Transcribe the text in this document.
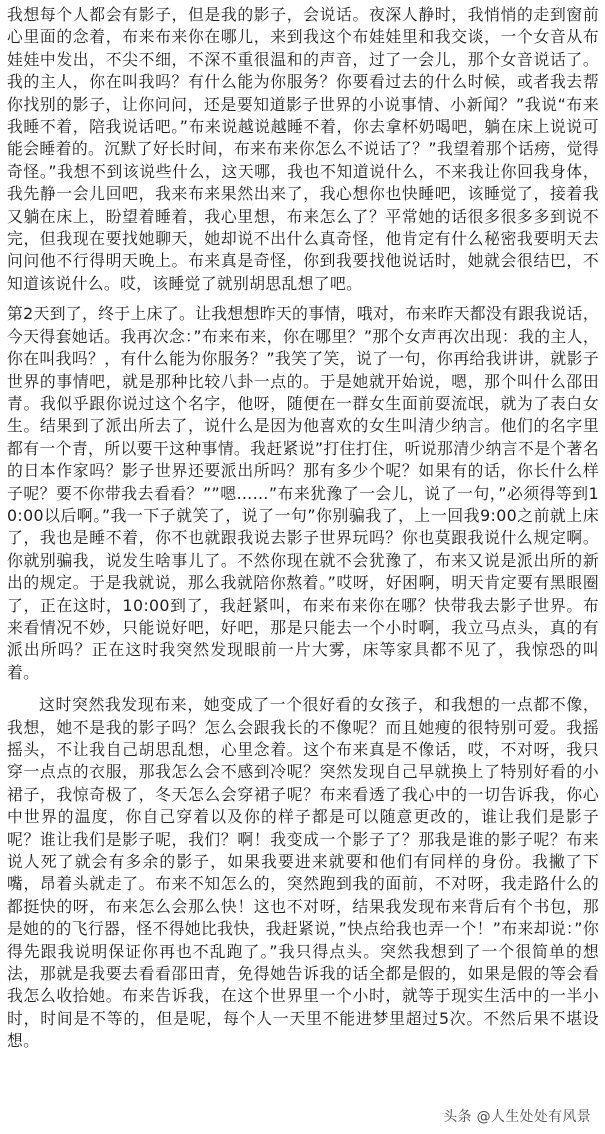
我想每个人都会有影子，但是我的影子，会说话。夜深人静时，我悄悄的走到窗前心里面的念着，布来布来你在哪儿，来到我这个布娃娃里和我交谈，一个女音从布娃娃中发出，不尖不细，不深不重很温和的声音，过了一会儿，那个女音说话了。我的主人，你在叫我吗？有什么能为你服务？你要看过去的什么时候，或者我去帮你找别的影子，让你问问，还是要知道影子世界的小说事情、小新闻？”我说“布来我睡不着，陪我说话吧。”布来说越说越睡不着，你去拿杯奶喝吧，躺在床上说说可能会睡着的。沉默了好长时间，布来布来你怎么不说话了？”我望着那个话痨，觉得奇怪。”我想不到该说些什么，这天哪，我也不知道说什么，不来我让你回我身体，我先静一会儿回吧，我来布来果然出来了，我心想你也快睡吧，该睡觉了，接着我又躺在床上，盼望着睡着，我心里想，布来怎么了？平常她的话很多很多多到说不完，但我现在要找她聊天，她却说不出什么真奇怪，他肯定有什么秘密我要明天去问问他不行得明天晚上。布来真是奇怪，你到我要找他说话时，她就会很结巴，不知道该说什么。哎，该睡觉了就别胡思乱想了吧。

第2天到了，终于上床了。让我想想昨天的事情，哦对，布来昨天都没有跟我说话，今天得套她话。我再次念：”布来布来，你在哪里？”那个女声再次出现：我的主人，你在叫我吗？，有什么能为你服务？”我笑了笑，说了一句，你再给我讲讲，就影子世界的事情吧，就是那种比较八卦一点的。于是她就开始说，嗯，那个叫什么邵田青。我似乎跟你说过这个名字，他呀，随便在一群女生面前耍流氓，就为了表白女生。结果到了派出所去了，说什么是因为他喜欢的女生叫清少纳言。他们的名字里都有一个青，所以要干这种事情。我赶紧说”打住打住，听说那清少纳言不是个著名的日本作家吗？影子世界还要派出所吗？那有多少个呢？如果有的话，你长什么样子呢？要不你带我去看看？””嗯……”布来犹豫了一会儿，说了一句，”必须得等到10:00以后啊。”我一下子就笑了，说了一句”你别骗我了，上一回我9:00之前就上床了，我也是睡不着，你不也就跟我说去影子世界玩吗？你也莫跟我说什么规定啊。你就别骗我，说发生啥事儿了。不然你现在就不会犹豫了，布来又说是派出所的新出的规定。于是我就说，那么我就陪你熬着。”哎呀，好困啊，明天肯定要有黑眼圈了，正在这时，10:00到了，我赶紧叫，布来布来你在哪？快带我去影子世界。布来看情况不妙，只能说好吧，好吧，那是只能去一个小时啊，我立马点头，真的有派出所吗？正在这时我突然发现眼前一片大雾，床等家具都不见了，我惊恐的叫着。

这时突然我发现布来，她变成了一个很好看的女孩子，和我想的一点都不像，我想，她不是我的影子吗？怎么会跟我长的不像呢？而且她瘦的很特别可爱。我摇摇头，不让我自己胡思乱想，心里念着。这个布来真是不像话，哎，不对呀，我只穿一点点的衣服，那我怎么会不感到冷呢？突然发现自己早就换上了特别好看的小裙子，我惊奇极了，冬天怎么会穿裙子呢？布来看透了我心中的一切告诉我，你心中世界的温度，你自己穿着以及你的样子都是可以随意更改的，谁让我们是影子呢？谁让我们是影子呢，我们？啊！我变成一个影子了？那我是谁的影子呢？布来说人死了就会有多余的影子，如果我要进来就要和他们有同样的身份。我撇了下嘴，昂着头就走了。布来不知怎么的，突然跑到我的面前，不对呀，我走路什么的都挺快的呀，布来怎么会那么快！这也不对呀，结果我发现布来背后有个书包，那是她的的飞行器，怪不得她比我快，我赶紧说，”快点给我也弄一个！”布来却说：”你得先跟我说明保证你再也不乱跑了。”我只得点头。突然我想到了一个很简单的想法，那就是我要去看看邵田青，免得她告诉我的话全都是假的，如果是假的等会看我怎么收拾她。布来告诉我，在这个世界里一个小时，就等于现实生活中的一半小时，时间是不等的，但是呢，每个人一天里不能进梦里超过5次。不然后果不堪设想。

头条 @人生处处有风景
